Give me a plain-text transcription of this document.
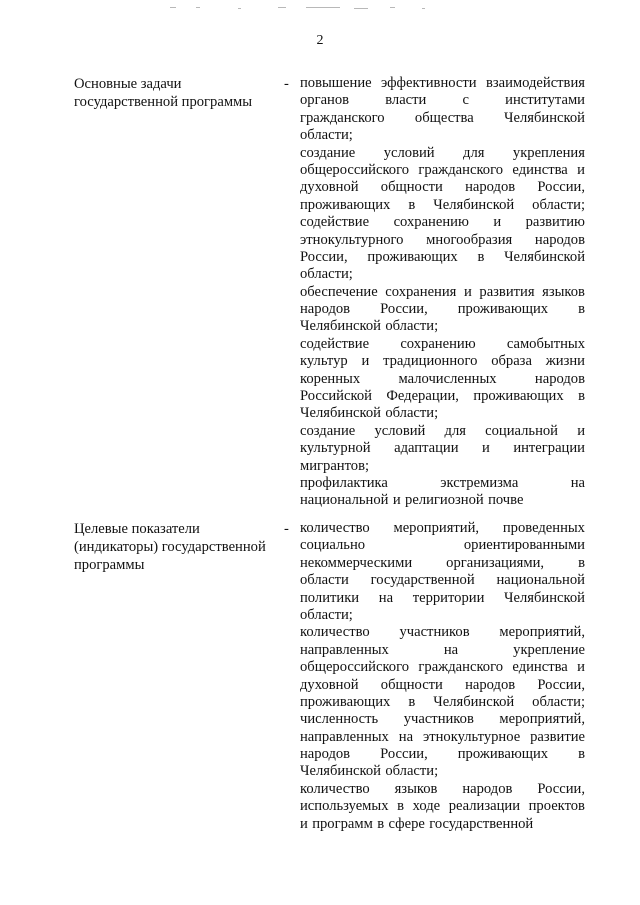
2
Основные задачи
государственной программы
- повышение эффективности взаимодействия
органов власти с институтами
гражданского общества Челябинской
области;
создание условий для укрепления
общероссийского гражданского единства и
духовной общности народов России,
проживающих в Челябинской области;
содействие сохранению и развитию
этнокультурного многообразия народов
России, проживающих в Челябинской
области;
обеспечение сохранения и развития языков
народов России, проживающих в
Челябинской области;
содействие сохранению самобытных
культур и традиционного образа жизни
коренных	малочисленных	народов
Российской Федерации, проживающих в
Челябинской области;
создание условий для социальной и
культурной адаптации и интеграции
мигрантов;
профилактика	экстремизма	на
национальной и религиозной почве
Целевые показатели
(индикаторы) государственной
программы
- количество мероприятий, проведенных
социально	ориентированными
некоммерческими организациями, в
области государственной национальной
политики на территории Челябинской
области;
количество участников мероприятий,
направленных	на	укрепление
общероссийского гражданского единства и
духовной общности народов России,
проживающих в Челябинской области;
численность участников мероприятий,
направленных на этнокультурное развитие
народов России, проживающих в
Челябинской области;
количество языков народов России,
используемых в ходе реализации проектов
и программ в сфере государственной
